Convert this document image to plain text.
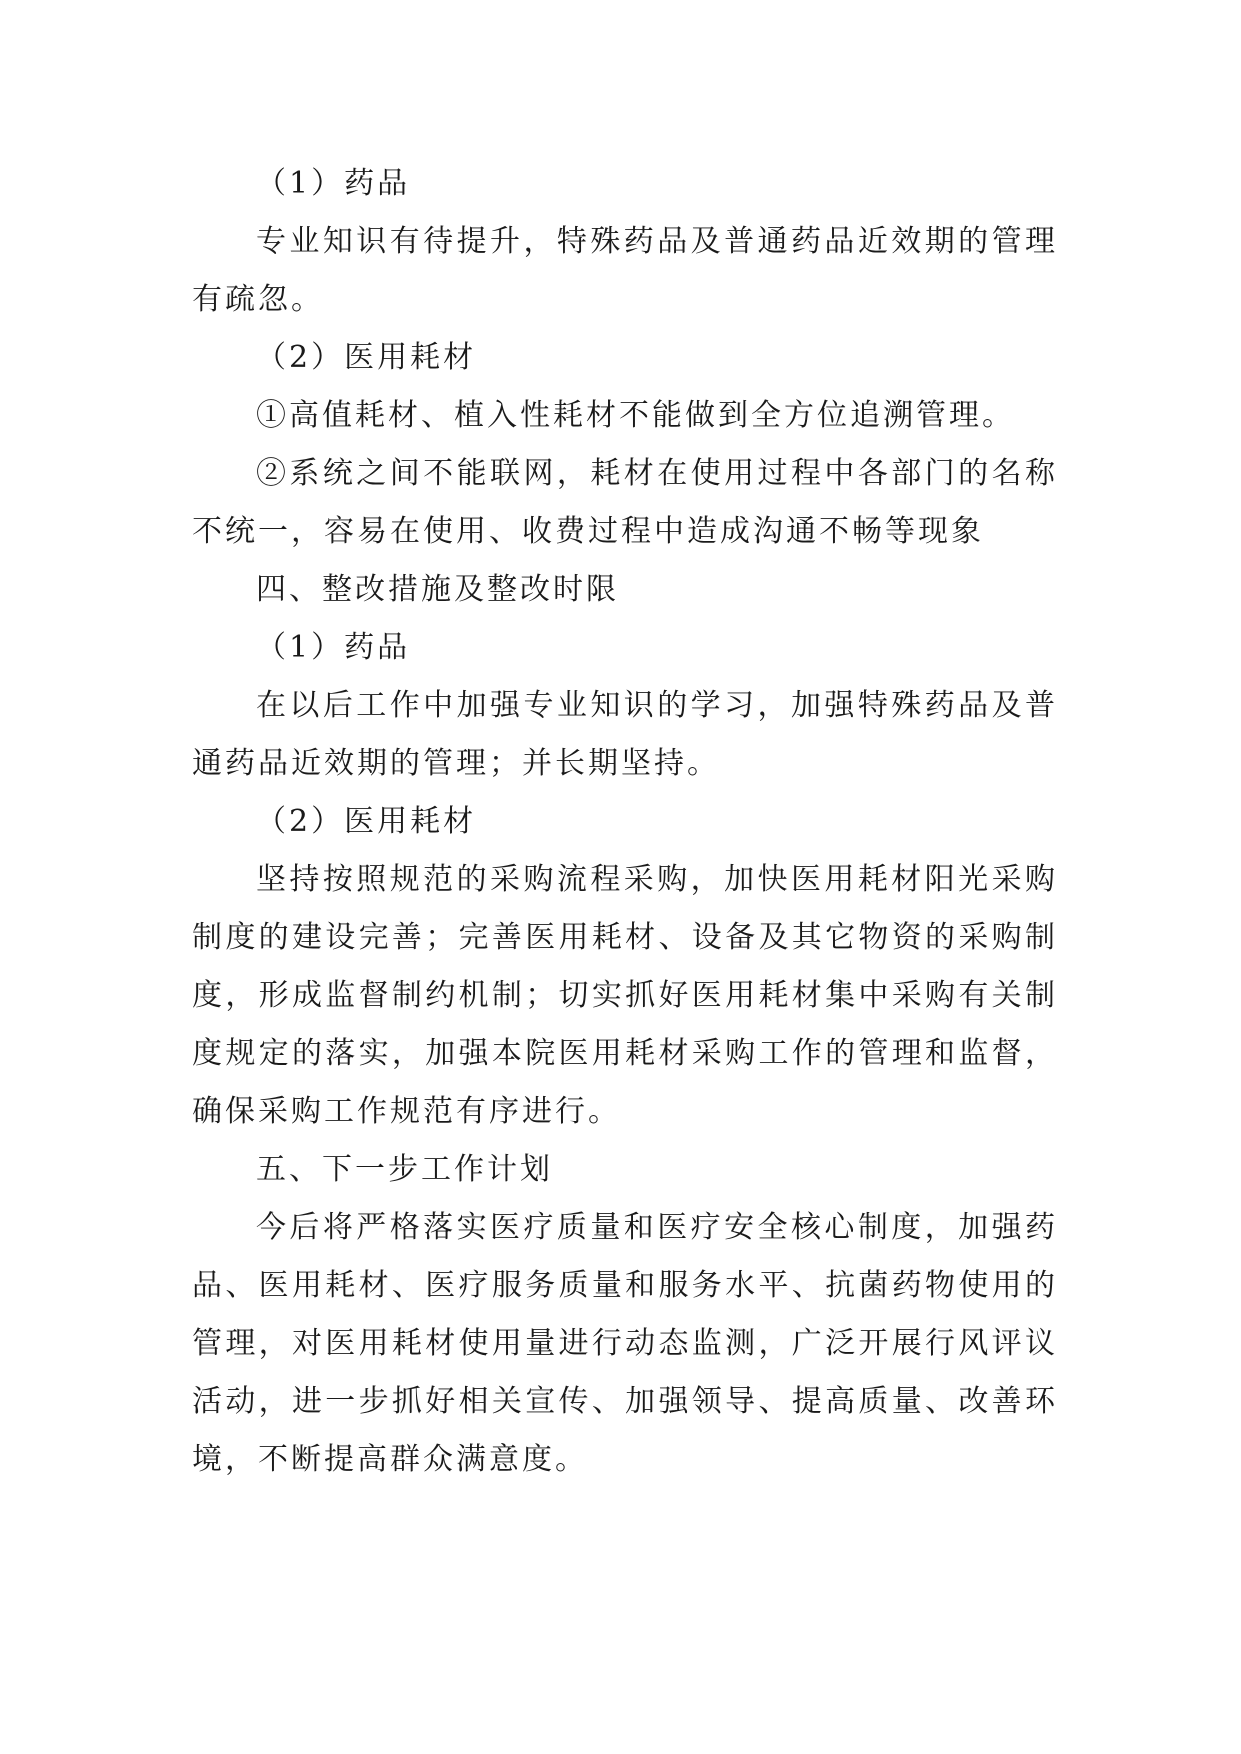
（1）药品

专业知识有待提升，特殊药品及普通药品近效期的管理有疏忽。

（2）医用耗材

①高值耗材、植入性耗材不能做到全方位追溯管理。

②系统之间不能联网，耗材在使用过程中各部门的名称不统一，容易在使用、收费过程中造成沟通不畅等现象

四、整改措施及整改时限

（1）药品

在以后工作中加强专业知识的学习，加强特殊药品及普通药品近效期的管理；并长期坚持。

（2）医用耗材

坚持按照规范的采购流程采购，加快医用耗材阳光采购制度的建设完善；完善医用耗材、设备及其它物资的采购制度，形成监督制约机制；切实抓好医用耗材集中采购有关制度规定的落实，加强本院医用耗材采购工作的管理和监督，确保采购工作规范有序进行。

五、下一步工作计划

今后将严格落实医疗质量和医疗安全核心制度，加强药品、医用耗材、医疗服务质量和服务水平、抗菌药物使用的管理，对医用耗材使用量进行动态监测，广泛开展行风评议活动，进一步抓好相关宣传、加强领导、提高质量、改善环境，不断提高群众满意度。
